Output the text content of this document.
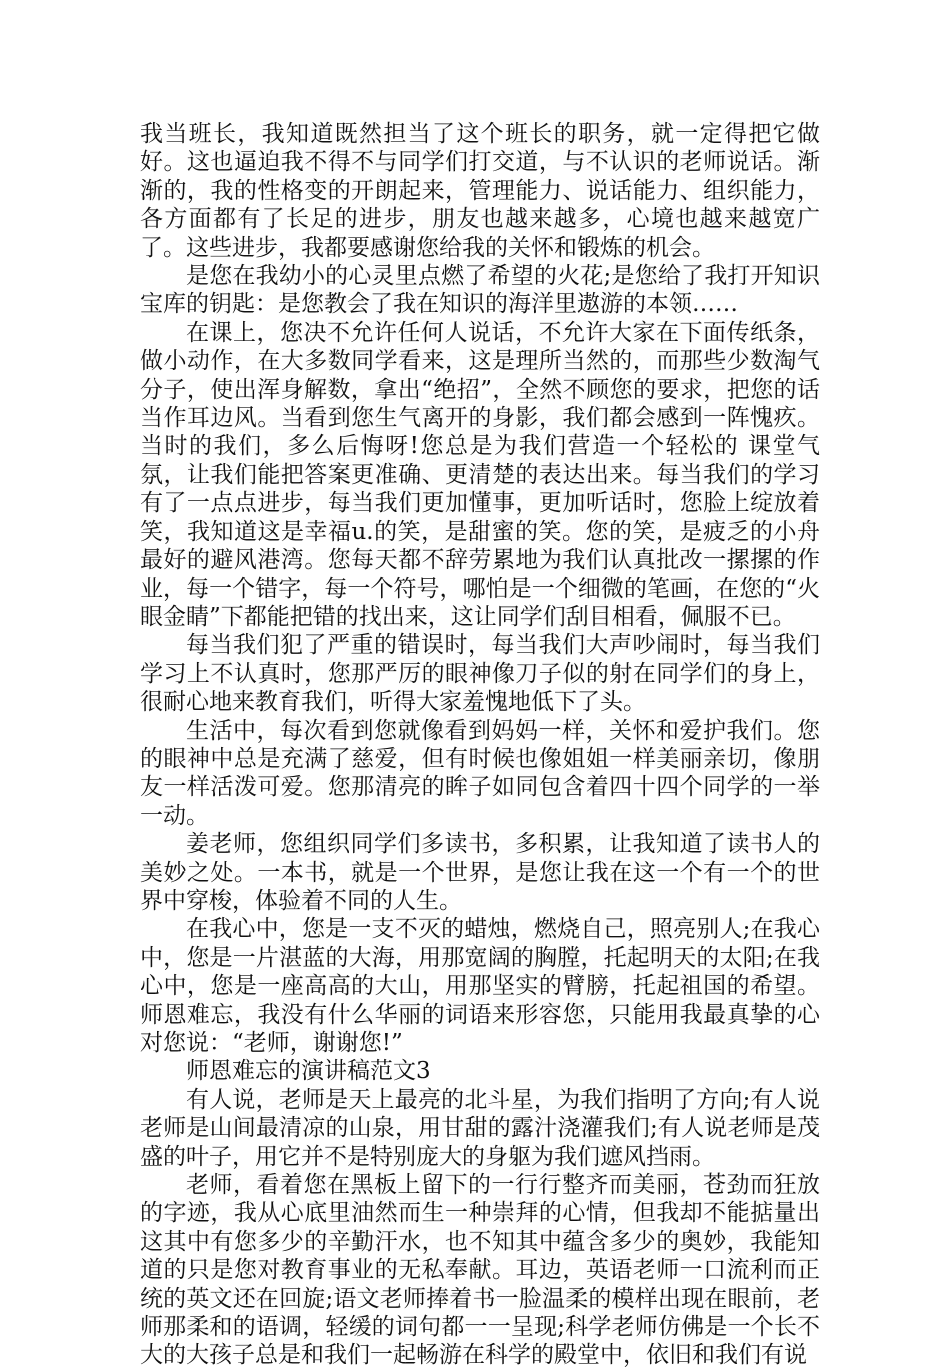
我当班长，我知道既然担当了这个班长的职务，就一定得把它做好。这也逼迫我不得不与同学们打交道，与不认识的老师说话。渐渐的，我的性格变的开朗起来，管理能力、说话能力、组织能力，各方面都有了长足的进步，朋友也越来越多，心境也越来越宽广了。这些进步，我都要感谢您给我的关怀和锻炼的机会。

是您在我幼小的心灵里点燃了希望的火花;是您给了我打开知识宝库的钥匙：是您教会了我在知识的海洋里遨游的本领……

在课上，您决不允许任何人说话，不允许大家在下面传纸条，做小动作，在大多数同学看来，这是理所当然的，而那些少数淘气分子，使出浑身解数，拿出“绝招”，全然不顾您的要求，把您的话当作耳边风。当看到您生气离开的身影，我们都会感到一阵愧疚。当时的我们，多么后悔呀!您总是为我们营造一个轻松的 课堂气氛，让我们能把答案更准确、更清楚的表达出来。每当我们的学习有了一点点进步，每当我们更加懂事，更加听话时，您脸上绽放着笑，我知道这是幸福u.的笑，是甜蜜的笑。您的笑，是疲乏的小舟最好的避风港湾。您每天都不辞劳累地为我们认真批改一摞摞的作业，每一个错字，每一个符号，哪怕是一个细微的笔画，在您的“火眼金睛”下都能把错的找出来，这让同学们刮目相看，佩服不已。

每当我们犯了严重的错误时，每当我们大声吵闹时，每当我们学习上不认真时，您那严厉的眼神像刀子似的射在同学们的身上，很耐心地来教育我们，听得大家羞愧地低下了头。

生活中，每次看到您就像看到妈妈一样，关怀和爱护我们。您的眼神中总是充满了慈爱，但有时候也像姐姐一样美丽亲切，像朋友一样活泼可爱。您那清亮的眸子如同包含着四十四个同学的一举一动。

姜老师，您组织同学们多读书，多积累，让我知道了读书人的美妙之处。一本书，就是一个世界，是您让我在这一个有一个的世界中穿梭，体验着不同的人生。

在我心中，您是一支不灭的蜡烛，燃烧自己，照亮别人;在我心中，您是一片湛蓝的大海，用那宽阔的胸膛，托起明天的太阳;在我心中，您是一座高高的大山，用那坚实的臂膀，托起祖国的希望。师恩难忘，我没有什么华丽的词语来形容您，只能用我最真挚的心对您说：“老师，谢谢您!”

师恩难忘的演讲稿范文3

有人说，老师是天上最亮的北斗星，为我们指明了方向;有人说老师是山间最清凉的山泉，用甘甜的露汁浇灌我们;有人说老师是茂盛的叶子，用它并不是特别庞大的身躯为我们遮风挡雨。

老师，看着您在黑板上留下的一行行整齐而美丽，苍劲而狂放的字迹，我从心底里油然而生一种崇拜的心情，但我却不能掂量出这其中有您多少的辛勤汗水，也不知其中蕴含多少的奥妙，我能知道的只是您对教育事业的无私奉献。耳边，英语老师一口流利而正统的英文还在回旋;语文老师捧着书一脸温柔的模样出现在眼前，老师那柔和的语调，轻缓的词句都一一呈现;科学老师仿佛是一个长不大的大孩子总是和我们一起畅游在科学的殿堂中，依旧和我们有说
